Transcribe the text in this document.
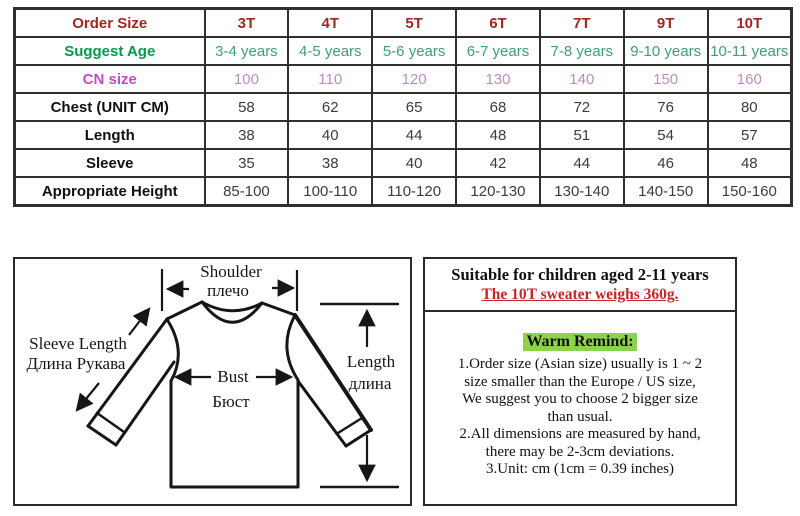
Order Size	3T	4T	5T	6T	7T	9T	10T
Suggest Age	3-4 years	4-5 years	5-6 years	6-7 years	7-8 years	9-10 years	10-11 years
CN size	100	110	120	130	140	150	160
Chest (UNIT CM)	58	62	65	68	72	76	80
Length	38	40	44	48	51	54	57
Sleeve	35	38	40	42	44	46	48
Appropriate Height	85-100	100-110	110-120	120-130	130-140	140-150	150-160
Shoulder
плечо
Sleeve Length
Длина Рукава
Bust
Бюст
Length
длина
Suitable for children aged 2-11 years
The 10T sweater weighs 360g.
Warm Remind:
1.Order size (Asian size) usually is 1 ~ 2
size smaller than the Europe / US size,
We suggest you to choose 2 bigger size
than usual.
2.All dimensions are measured by hand,
there may be 2-3cm deviations.
3.Unit: cm (1cm = 0.39 inches)
